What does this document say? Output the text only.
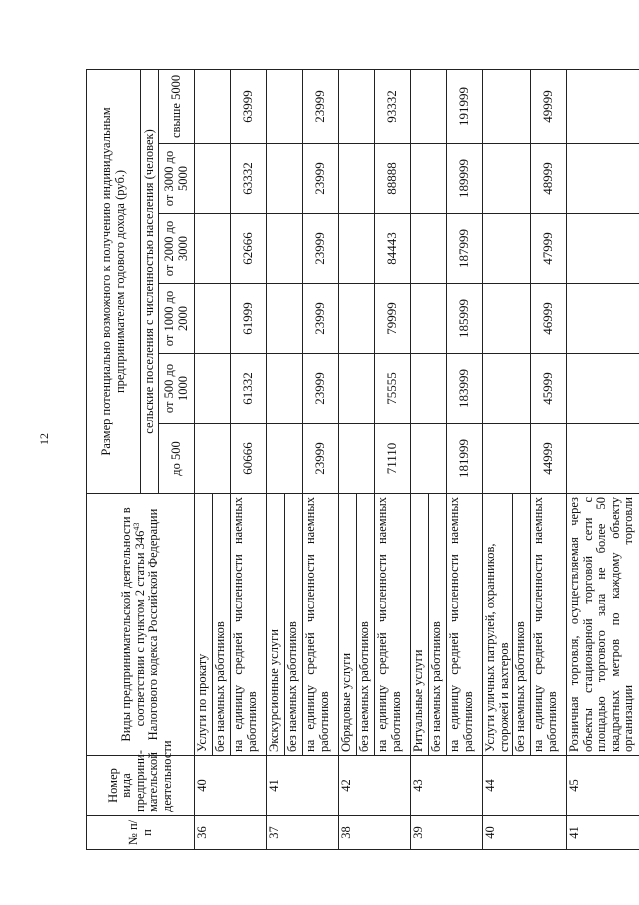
12
№ п/п	Номер вида предприни-мательской деятельности	Виды предпринимательской деятельности в соответствии с пунктом 2 статьи $346^{43}$ Налогового кодекса Российской Федерации	Размер потенциально возможного к получению индивидуальным предпринимателем годового дохода (руб.)					
			сельские поселения с численностью населения (человек)					
			до 500	от 500 до 1000	от 1000 до 2000	от 2000 до 3000	от 3000 до 5000	свыше 5000
36	40	Услуги по прокату						
		без наемных работников						
		на единицу средней численности наемных работников	60666	61332	61999	62666	63332	63999
37	41	Экскурсионные услуги						
		без наемных работников						
		на единицу средней численности наемных работников	23999	23999	23999	23999	23999	23999
38	42	Обрядовые услуги						
		без наемных работников						
		на единицу средней численности наемных работников	71110	75555	79999	84443	88888	93332
39	43	Ритуальные услуги						
		без наемных работников						
		на единицу средней численности наемных работников	181999	183999	185999	187999	189999	191999
40	44	Услуги уличных патрулей, охранников, сторожей и вахтеров						
		без наемных работников						
		на единицу средней численности наемных работников	44999	45999	46999	47999	48999	49999
41	45	Розничная торговля, осуществляемая через объекты стационарной торговой сети с площадью торгового зала не более 50 квадратных метров по каждому объекту организации торговли						
